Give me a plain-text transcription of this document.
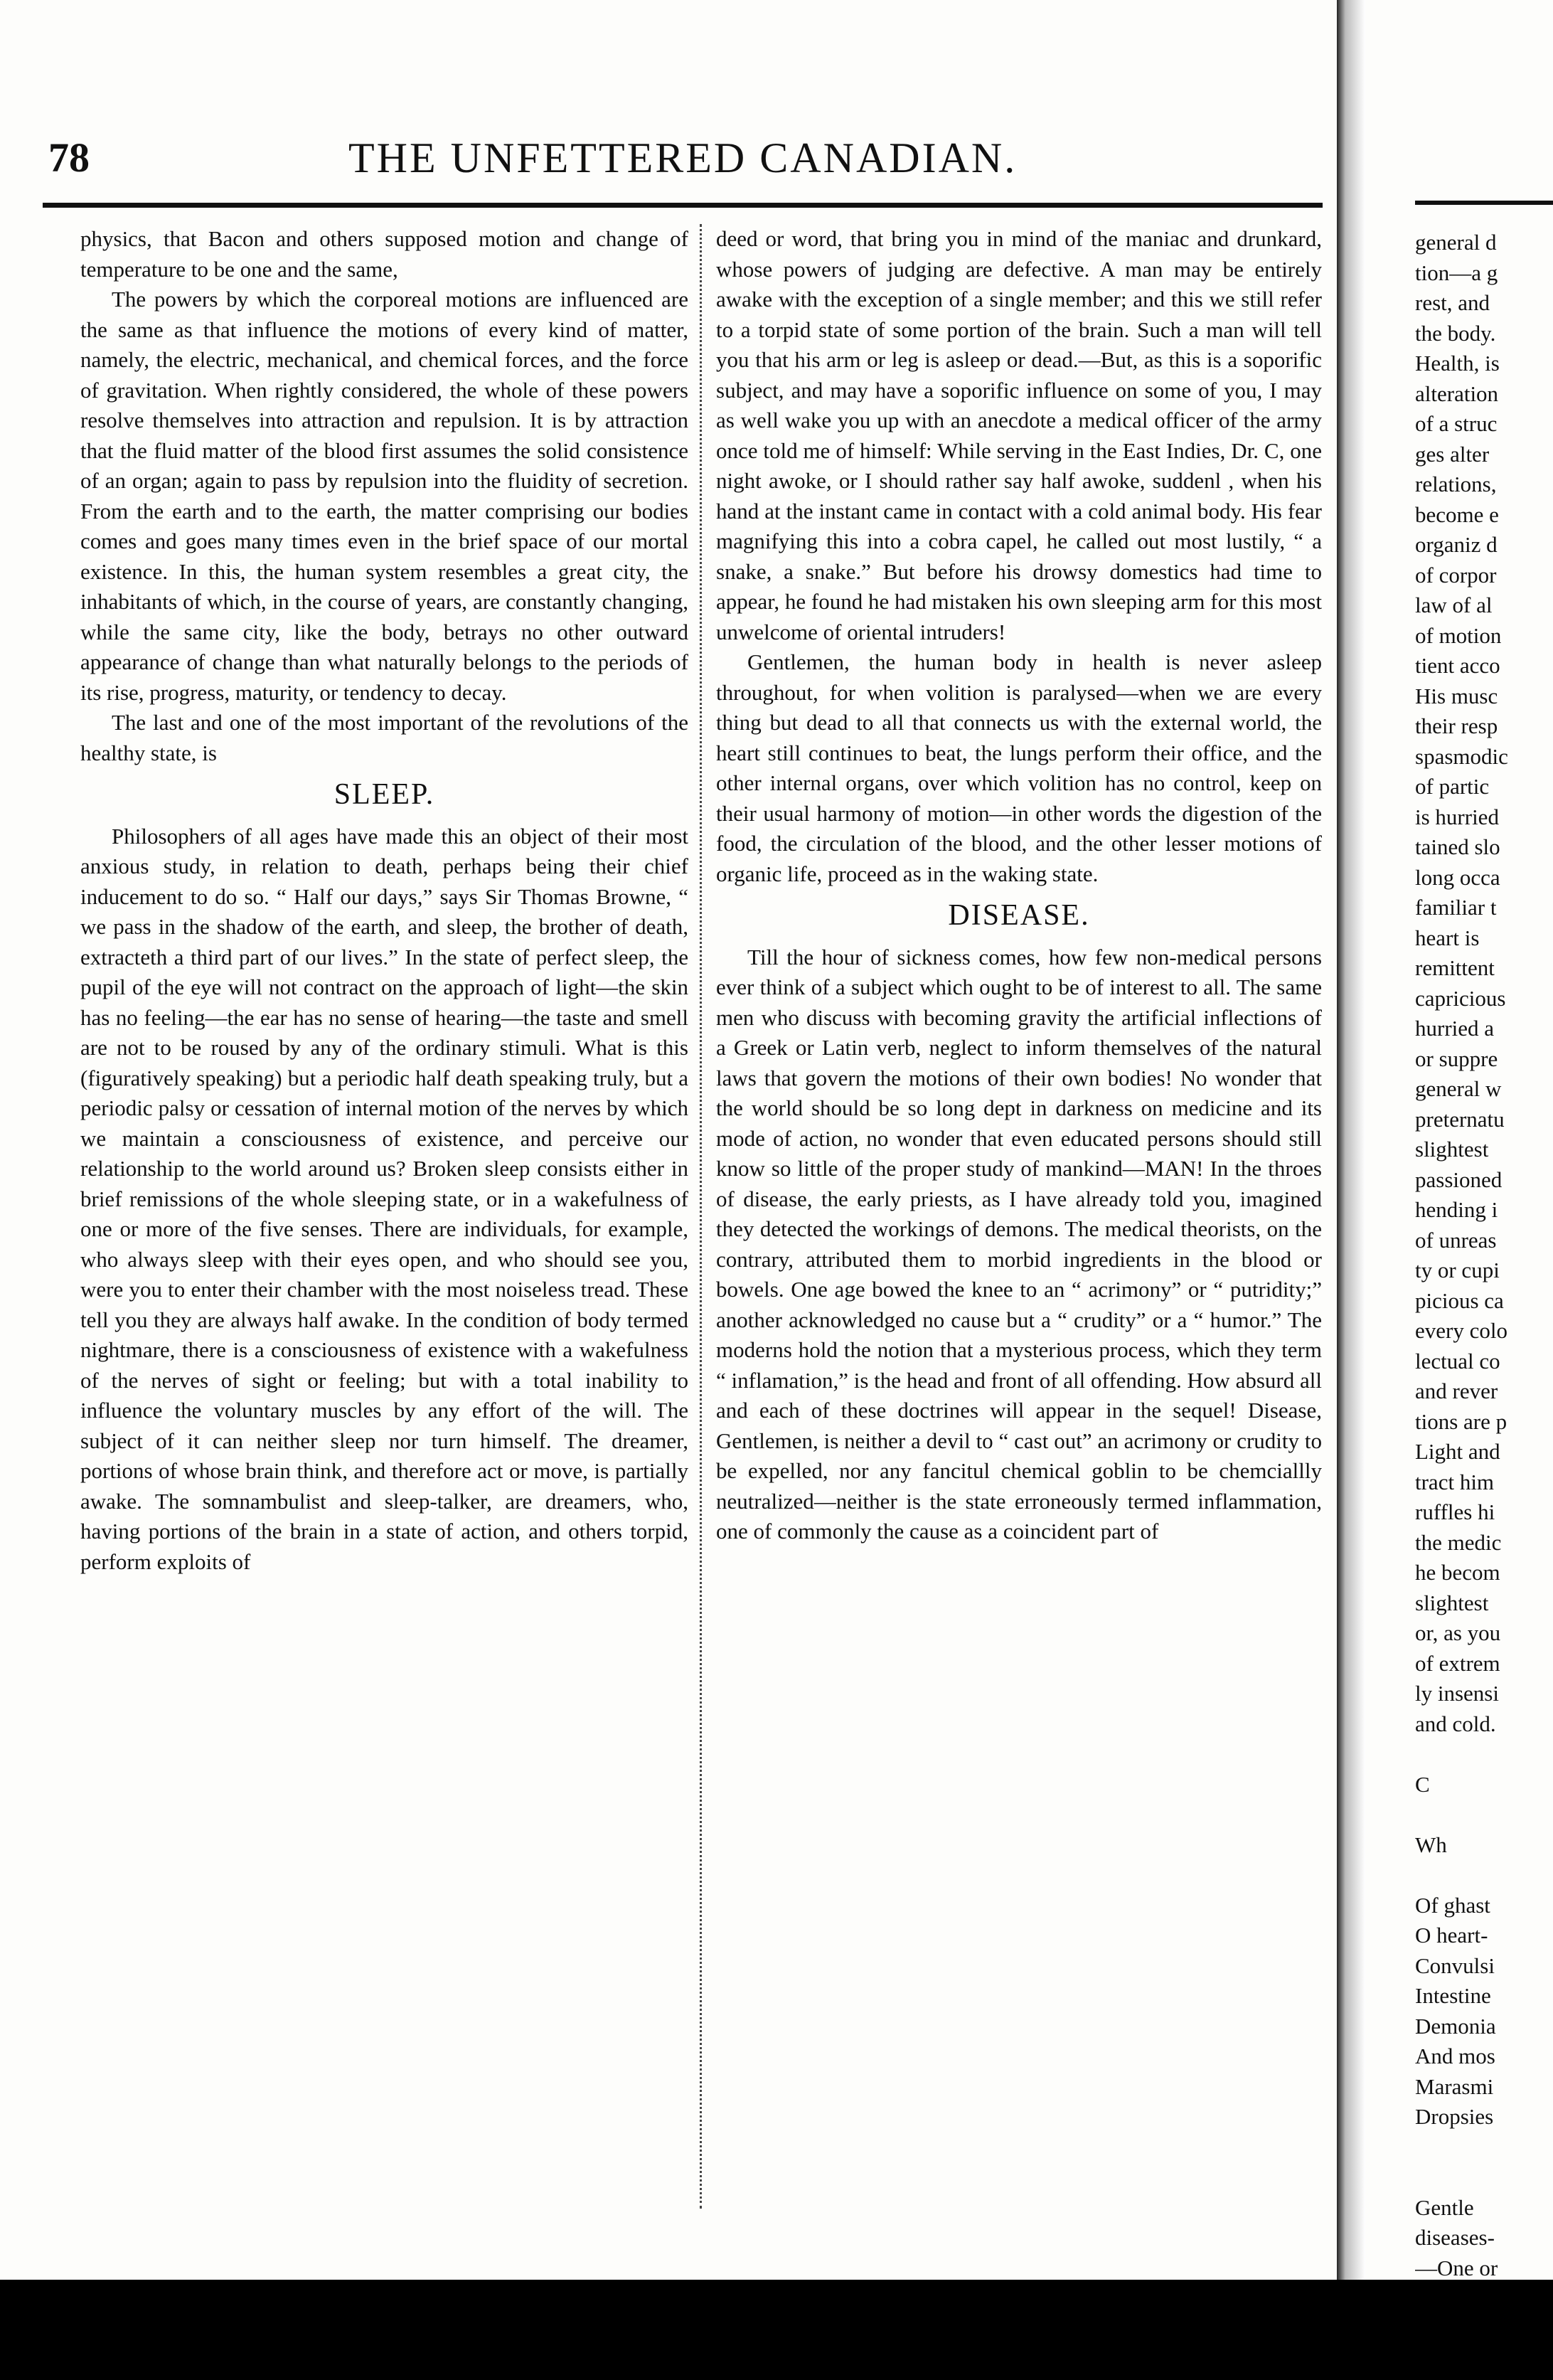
78	THE UNFETTERED CANADIAN.

physics, that Bacon and others supposed motion and change of temperature to be one and the same,

The powers by which the corporeal motions are influenced are the same as that influence the motions of every kind of matter, namely, the electric, mechanical, and chemical forces, and the force of gravitation. When rightly considered, the whole of these powers resolve themselves into attraction and repulsion. It is by attraction that the fluid matter of the blood first assumes the solid consistence of an organ; again to pass by repulsion into the fluidity of secretion. From the earth and to the earth, the matter comprising our bodies comes and goes many times even in the brief space of our mortal existence. In this, the human system resembles a great city, the inhabitants of which, in the course of years, are constantly changing, while the same city, like the body, betrays no other outward appearance of change than what naturally belongs to the periods of its rise, progress, maturity, or tendency to decay.

The last and one of the most important of the revolutions of the healthy state, is

SLEEP.

Philosophers of all ages have made this an object of their most anxious study, in relation to death, perhaps being their chief inducement to do so. “ Half our days,” says Sir Thomas Browne, “ we pass in the shadow of the earth, and sleep, the brother of death, extracteth a third part of our lives.” In the state of perfect sleep, the pupil of the eye will not contract on the approach of light—the skin has no feeling—the ear has no sense of hearing—the taste and smell are not to be roused by any of the ordinary stimuli. What is this (figuratively speaking) but a periodic half death speaking truly, but a periodic palsy or cessation of internal motion of the nerves by which we maintain a consciousness of existence, and perceive our relationship to the world around us? Broken sleep consists either in brief remissions of the whole sleeping state, or in a wakefulness of one or more of the five senses. There are individuals, for example, who always sleep with their eyes open, and who should see you, were you to enter their chamber with the most noiseless tread. These tell you they are always half awake. In the condition of body termed nightmare, there is a consciousness of existence with a wakefulness of the nerves of sight or feeling; but with a total inability to influence the voluntary muscles by any effort of the will. The subject of it can neither sleep nor turn himself. The dreamer, portions of whose brain think, and therefore act or move, is partially awake. The somnambulist and sleep-talker, are dreamers, who, having portions of the brain in a state of action, and others torpid, perform exploits of

deed or word, that bring you in mind of the maniac and drunkard, whose powers of judging are defective. A man may be entirely awake with the exception of a single member; and this we still refer to a torpid state of some portion of the brain. Such a man will tell you that his arm or leg is asleep or dead.—But, as this is a soporific subject, and may have a soporific influence on some of you, I may as well wake you up with an anecdote a medical officer of the army once told me of himself: While serving in the East Indies, Dr. C, one night awoke, or I should rather say half awoke, suddenl , when his hand at the instant came in contact with a cold animal body. His fear magnifying this into a cobra capel, he called out most lustily, “ a snake, a snake.” But before his drowsy domestics had time to appear, he found he had mistaken his own sleeping arm for this most unwelcome of oriental intruders!

Gentlemen, the human body in health is never asleep throughout, for when volition is paralysed—when we are every thing but dead to all that connects us with the external world, the heart still continues to beat, the lungs perform their office, and the other internal organs, over which volition has no control, keep on their usual harmony of motion—in other words the digestion of the food, the circulation of the blood, and the other lesser motions of organic life, proceed as in the waking state.

DISEASE.

Till the hour of sickness comes, how few non-medical persons ever think of a subject which ought to be of interest to all. The same men who discuss with becoming gravity the artificial inflections of a Greek or Latin verb, neglect to inform themselves of the natural laws that govern the motions of their own bodies! No wonder that the world should be so long dept in darkness on medicine and its mode of action, no wonder that even educated persons should still know so little of the proper study of mankind—MAN! In the throes of disease, the early priests, as I have already told you, imagined they detected the workings of demons. The medical theorists, on the contrary, attributed them to morbid ingredients in the blood or bowels. One age bowed the knee to an “ acrimony” or “ putridity;” another acknowledged no cause but a “ crudity” or a “ humor.” The moderns hold the notion that a mysterious process, which they term “ inflamation,” is the head and front of all offending. How absurd all and each of these doctrines will appear in the sequel! Disease, Gentlemen, is neither a devil to “ cast out” an acrimony or crudity to be expelled, nor any fancitul chemical goblin to be chemciallly neutralized—neither is the state erroneously termed inflammation, one of commonly the cause as a coincident part of

general d
tion—a g
rest, and
the body.
Health, is
alteration
of a struc
ges alter
relations,
become e
organiz d
of corpor
law of al
of motion
tient acco
His musc
their resp
spasmodic
of partic
is hurried
tained slo
long occa
familiar t
heart is
remittent
capricious
hurried a
or suppre
general w
preternatu
slightest
passioned
hending i
of unreas
ty or cupi
picious ca
every colo
lectual co
and rever
tions are p
Light and
tract him
ruffles hi
the medic
he becom
slightest
or, as you
of extrem
ly insensi
and cold.
C
Wh
Of ghast
O heart-
Convulsi
Intestine
Demonia
And mos
Marasmi
Dropsies
Gentle
diseases-
—One or
